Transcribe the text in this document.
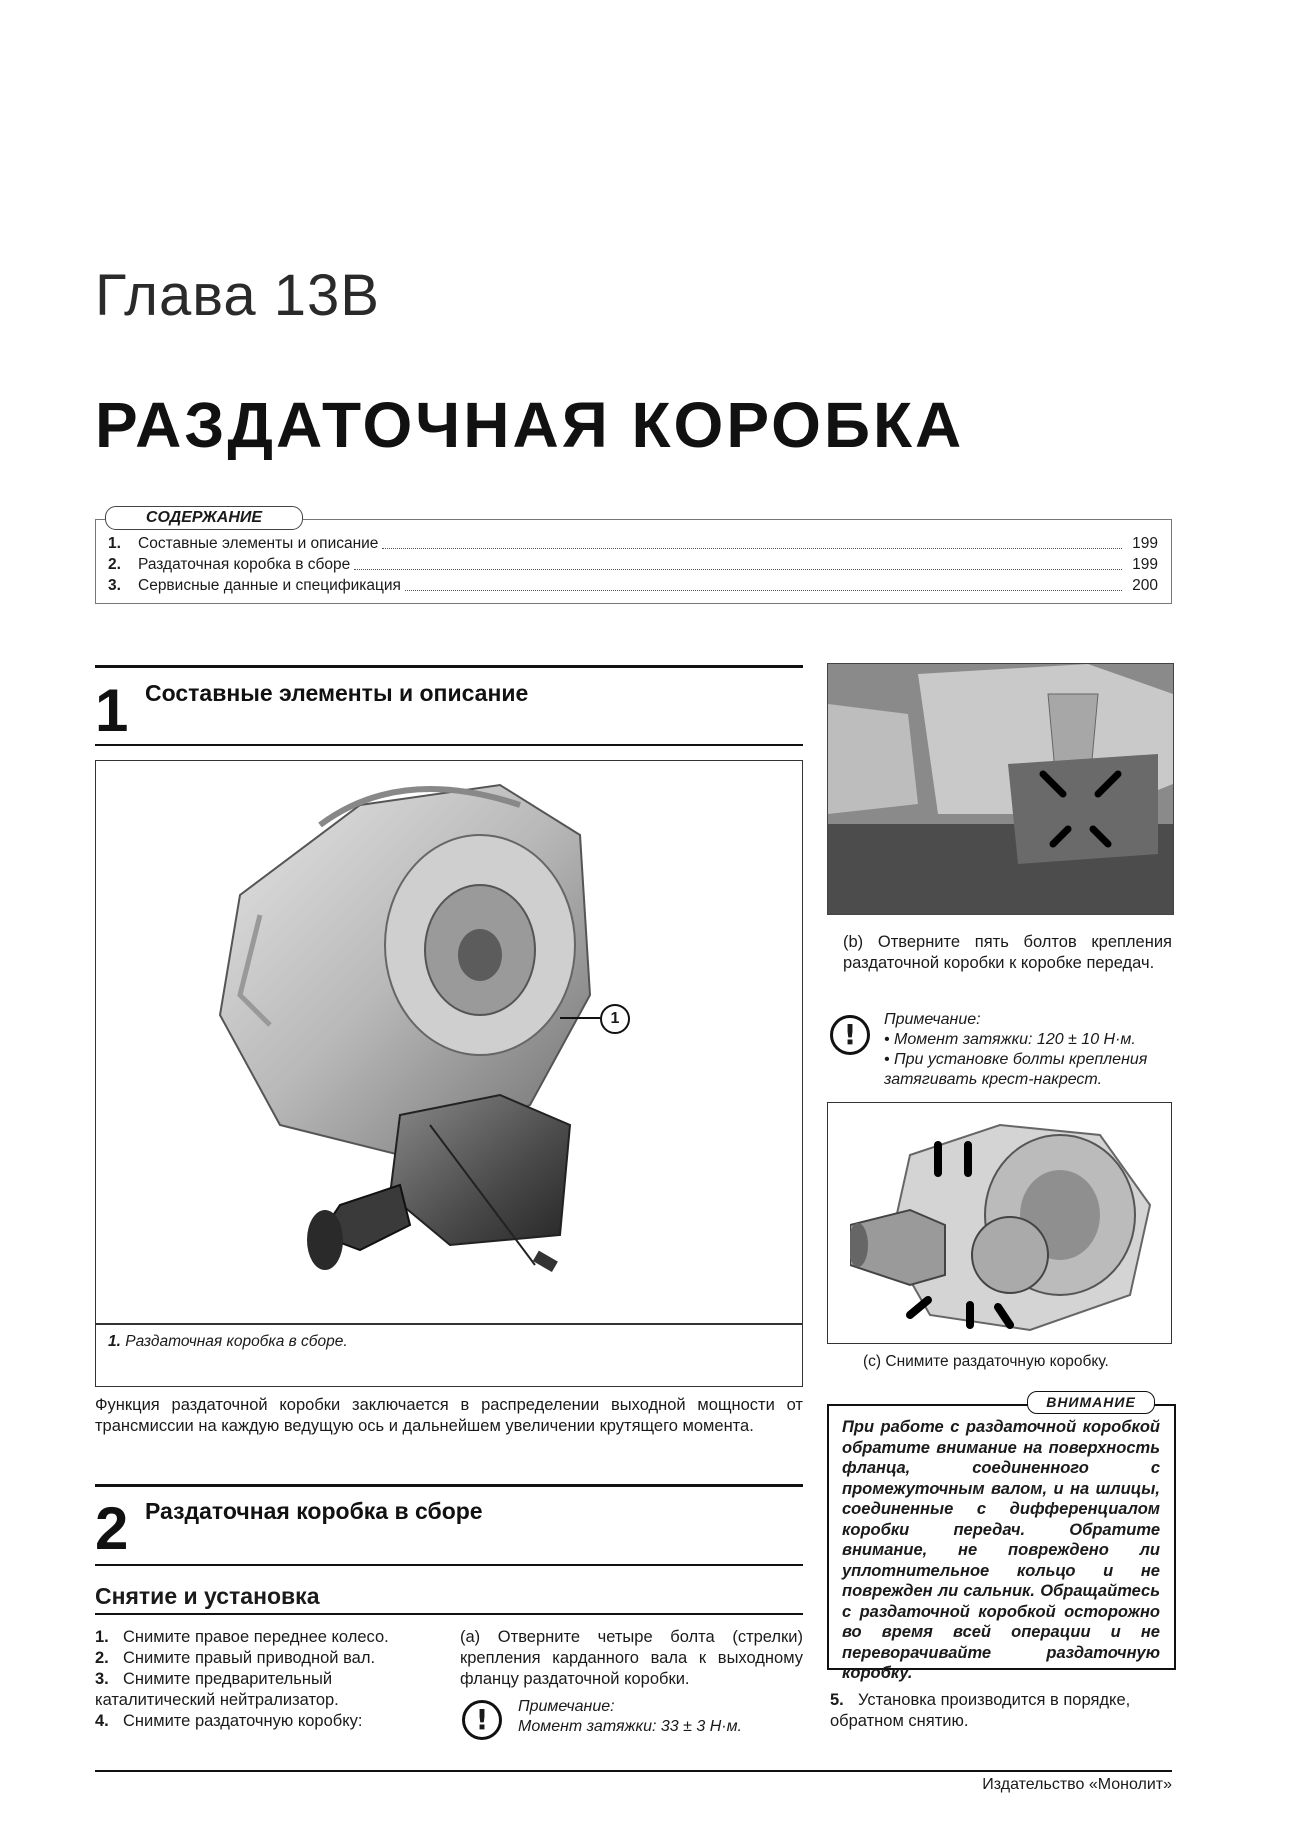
Глава 13В
РАЗДАТОЧНАЯ КОРОБКА
СОДЕРЖАНИЕ
1.	Составные элементы и описание	199
2.	Раздаточная коробка в сборе	199
3.	Сервисные данные и спецификация	200
1 Составные элементы и описание
1
1. Раздаточная коробка в сборе.
Функция раздаточной коробки заключается в распределении выходной мощности от трансмиссии на каждую ведущую ось и дальнейшем увеличении крутящего момента.
2 Раздаточная коробка в сборе
Снятие и установка
1. Снимите правое переднее колесо.
2. Снимите правый приводной вал.
3. Снимите предварительный каталитический нейтрализатор.
4. Снимите раздаточную коробку:
(a) Отверните четыре болта (стрелки) крепления карданного вала к выходному фланцу раздаточной коробки.
!	Примечание:
Момент затяжки: 33 ± 3 Н·м.
(b) Отверните пять болтов крепления раздаточной коробки к коробке передач.
!	Примечание:
• Момент затяжки: 120 ± 10 Н·м.
• При установке болты крепления затягивать крест-накрест.
(c) Снимите раздаточную коробку.
ВНИМАНИЕ
При работе с раздаточной коробкой обратите внимание на поверхность фланца, соединенного с промежуточным валом, и на шлицы, соединенные с дифференциалом коробки передач. Обратите внимание, не повреждено ли уплотнительное кольцо и не поврежден ли сальник. Обращайтесь с раздаточной коробкой осторожно во время всей операции и не переворачивайте раздаточную коробку.
5. Установка производится в порядке, обратном снятию.
Издательство «Монолит»
